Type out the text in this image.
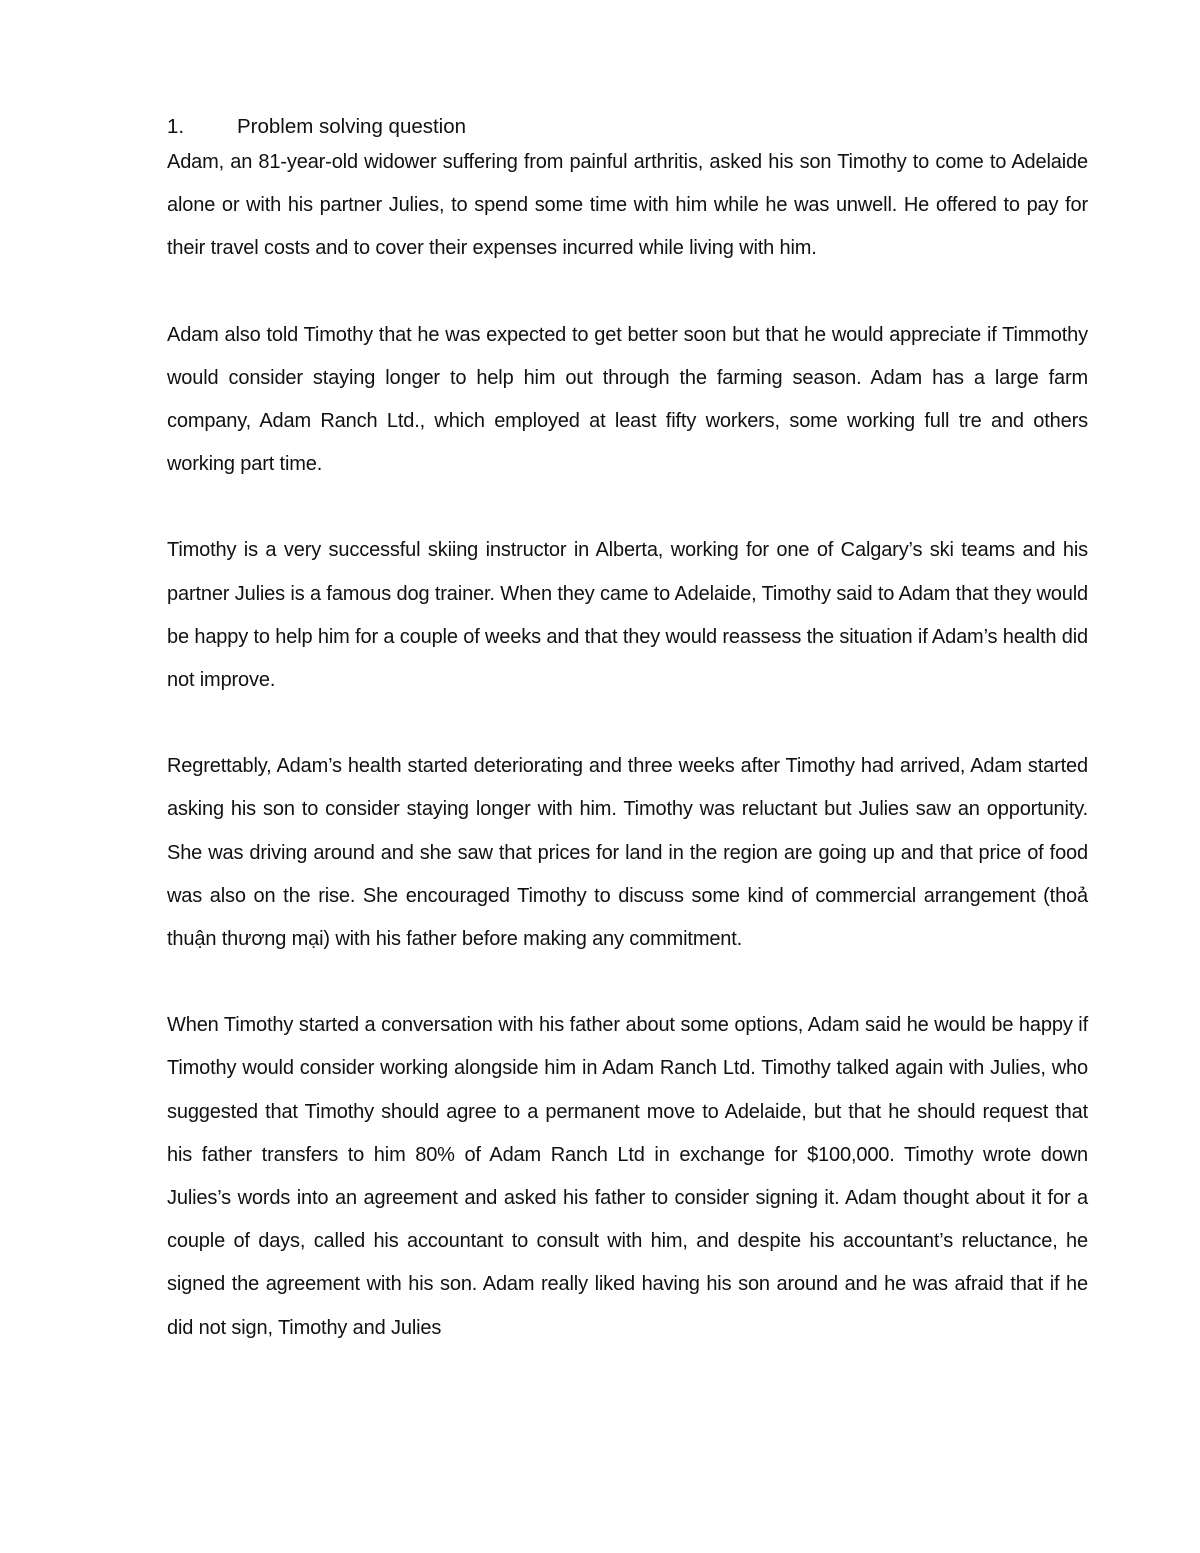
1.	Problem solving question

Adam, an 81-year-old widower suffering from painful arthritis, asked his son Timothy to come to Adelaide alone or with his partner Julies, to spend some time with him while he was unwell. He offered to pay for their travel costs and to cover their expenses incurred while living with him.

Adam also told Timothy that he was expected to get better soon but that he would appreciate if Timmothy would consider staying longer to help him out through the farming season. Adam has a large farm company, Adam Ranch Ltd., which employed at least fifty workers, some working full tre and others working part time.

Timothy is a very successful skiing instructor in Alberta, working for one of Calgary’s ski teams and his partner Julies is a famous dog trainer. When they came to Adelaide, Timothy said to Adam that they would be happy to help him for a couple of weeks and that they would reassess the situation if Adam’s health did not improve.

Regrettably, Adam’s health started deteriorating and three weeks after Timothy had arrived, Adam started asking his son to consider staying longer with him. Timothy was reluctant but Julies saw an opportunity. She was driving around and she saw that prices for land in the region are going up and that price of food was also on the rise. She encouraged Timothy to discuss some kind of commercial arrangement (thoả thuận thương mại) with his father before making any commitment.

When Timothy started a conversation with his father about some options, Adam said he would be happy if Timothy would consider working alongside him in Adam Ranch Ltd. Timothy talked again with Julies, who suggested that Timothy should agree to a permanent move to Adelaide, but that he should request that his father transfers to him 80% of Adam Ranch Ltd in exchange for $100,000. Timothy wrote down Julies’s words into an agreement and asked his father to consider signing it. Adam thought about it for a couple of days, called his accountant to consult with him, and despite his accountant’s reluctance, he signed the agreement with his son. Adam really liked having his son around and he was afraid that if he did not sign, Timothy and Julies
